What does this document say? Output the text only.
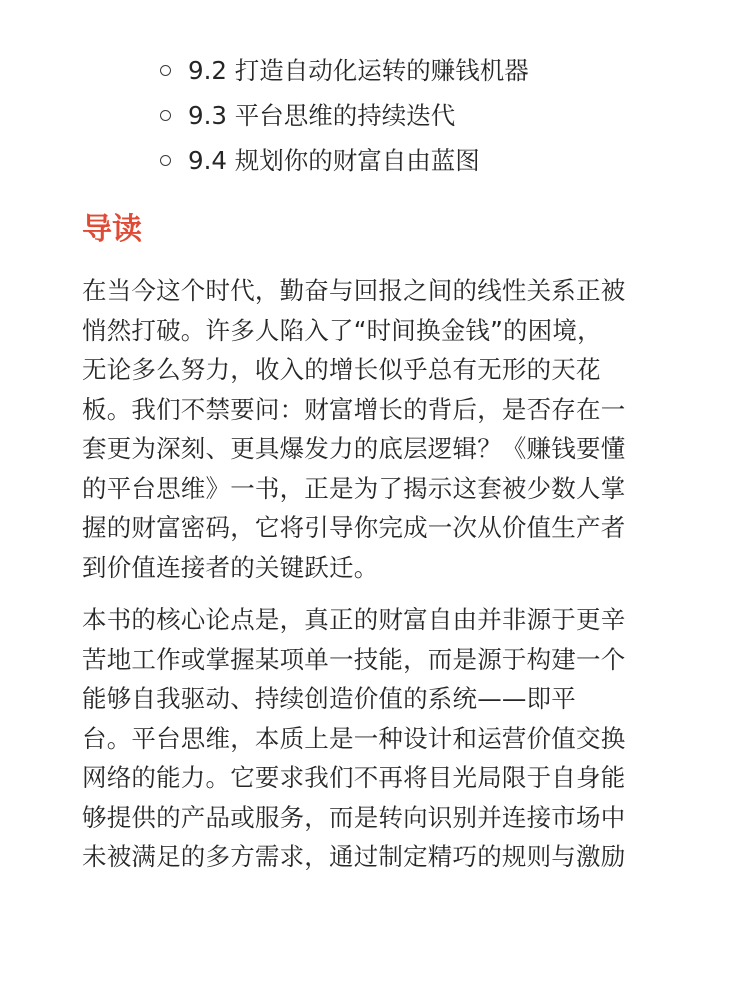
9.2 打造自动化运转的赚钱机器
9.3 平台思维的持续迭代
9.4 规划你的财富自由蓝图
导读

在当今这个时代，勤奋与回报之间的线性关系正被
悄然打破。许多人陷入了“时间换金钱”的困境，
无论多么努力，收入的增长似乎总有无形的天花
板。我们不禁要问：财富增长的背后，是否存在一
套更为深刻、更具爆发力的底层逻辑？《赚钱要懂
的平台思维》一书，正是为了揭示这套被少数人掌
握的财富密码，它将引导你完成一次从价值生产者
到价值连接者的关键跃迁。

本书的核心论点是，真正的财富自由并非源于更辛
苦地工作或掌握某项单一技能，而是源于构建一个
能够自我驱动、持续创造价值的系统——即平
台。平台思维，本质上是一种设计和运营价值交换
网络的能力。它要求我们不再将目光局限于自身能
够提供的产品或服务，而是转向识别并连接市场中
未被满足的多方需求，通过制定精巧的规则与激励
